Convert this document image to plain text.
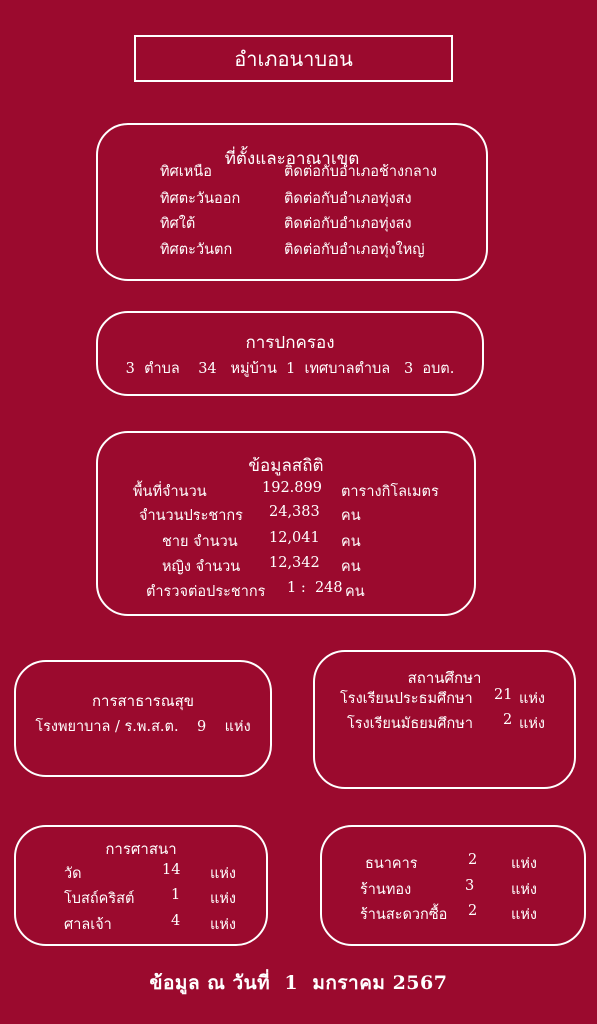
อำเภอนาบอน
ที่ตั้งและอาณาเขต
ทิศเหนือ	ติดต่อกับอำเภอช้างกลาง
ทิศตะวันออก	ติดต่อกับอำเภอทุ่งสง
ทิศใต้	ติดต่อกับอำเภอทุ่งสง
ทิศตะวันตก	ติดต่อกับอำเภอทุ่งใหญ่
การปกครอง
3  ตำบล    34   หมู่บ้าน  1  เทศบาลตำบล   3  อบต.
ข้อมูลสถิติ
พื้นที่จำนวน	192.899 ตารางกิโลเมตร
จำนวนประชากร 24,383 คน
ชาย จำนวน 12,041 คน
หญิง จำนวน 12,342 คน
ตำรวจต่อประชากร 1 :  248 คน
การสาธารณสุข
โรงพยาบาล / ร.พ.ส.ต.    9    แห่ง
สถานศึกษา
โรงเรียนประธมศึกษา 21 แห่ง
โรงเรียนมัธยมศึกษา 2 แห่ง
การศาสนา
วัด	14 แห่ง
โบสถ์คริสต์	1 แห่ง
ศาลเจ้า	4 แห่ง
ธนาคาร	2 แห่ง
ร้านทอง	3	แห่ง
ร้านสะดวกซื้อ 2 แห่ง
ข้อมูล ณ วันที่  1  มกราคม 2567
